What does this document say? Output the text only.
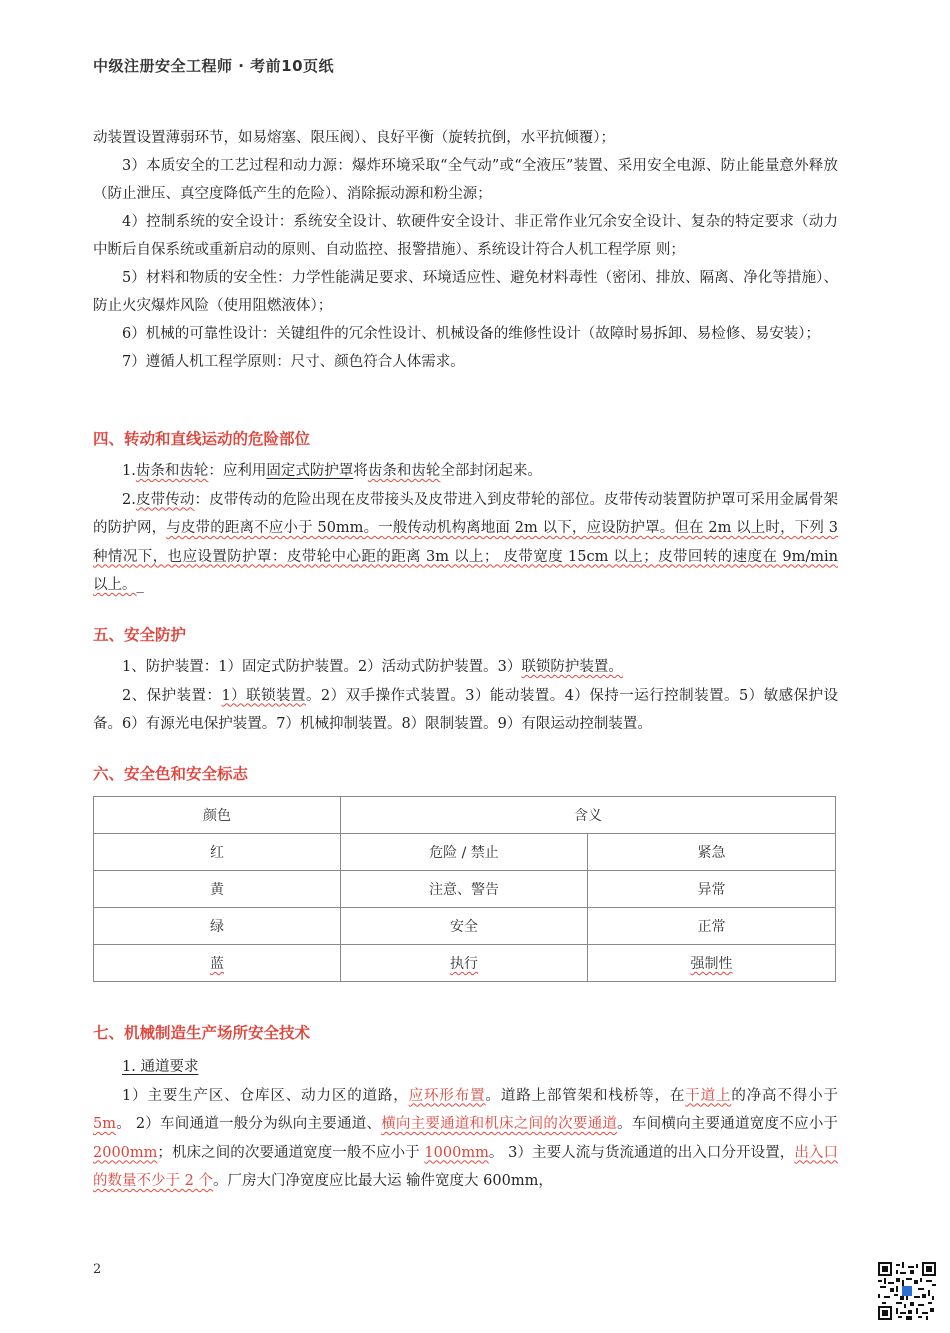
中级注册安全工程师 · 考前10页纸

动装置设置薄弱环节，如易熔塞、限压阀）、良好平衡（旋转抗倒，水平抗倾覆）；

3）本质安全的工艺过程和动力源：爆炸环境采取“全气动”或“全液压”装置、采用安全电源、防止能量意外释放（防止泄压、真空度降低产生的危险）、消除振动源和粉尘源；

4）控制系统的安全设计：系统安全设计、软硬件安全设计、非正常作业冗余安全设计、复杂的特定要求（动力中断后自保系统或重新启动的原则、自动监控、报警措施）、系统设计符合人机工程学原 则；

5）材料和物质的安全性：力学性能满足要求、环境适应性、避免材料毒性（密闭、排放、隔离、净化等措施）、防止火灾爆炸风险（使用阻燃液体）；

6）机械的可靠性设计：关键组件的冗余性设计、机械设备的维修性设计（故障时易拆卸、易检修、易安装）；

7）遵循人机工程学原则：尺寸、颜色符合人体需求。

四、转动和直线运动的危险部位

1.齿条和齿轮：应利用固定式防护罩将齿条和齿轮全部封闭起来。

2.皮带传动：皮带传动的危险出现在皮带接头及皮带进入到皮带轮的部位。皮带传动装置防护罩可采用金属骨架的防护网，与皮带的距离不应小于 50mm。一般传动机构离地面 2m 以下，应设防护罩。但在 2m 以上时，下列 3 种情况下，也应设置防护罩：皮带轮中心距的距离 3m 以上； 皮带宽度 15cm 以上；皮带回转的速度在 9m/min 以上。_

五、安全防护

1、防护装置：1）固定式防护装置。2）活动式防护装置。3）联锁防护装置。

2、保护装置：1）联锁装置。2）双手操作式装置。3）能动装置。4）保持一运行控制装置。5）敏感保护设备。6）有源光电保护装置。7）机械抑制装置。8）限制装置。9）有限运动控制装置。

六、安全色和安全标志
颜色	含义	
红	危险 / 禁止	紧急
黄	注意、警告	异常
绿	安全	正常
蓝	执行	强制性
七、机械制造生产场所安全技术

1. 通道要求

1）主要生产区、仓库区、动力区的道路，应环形布置。道路上部管架和栈桥等，在干道上的净高不得小于 5m。 2）车间通道一般分为纵向主要通道、横向主要通道和机床之间的次要通道。车间横向主要通道宽度不应小于 2000mm；机床之间的次要通道宽度一般不应小于 1000mm。 3）主要人流与货流通道的出入口分开设置，出入口的数量不少于 2 个。厂房大门净宽度应比最大运 输件宽度大 600mm，

2
